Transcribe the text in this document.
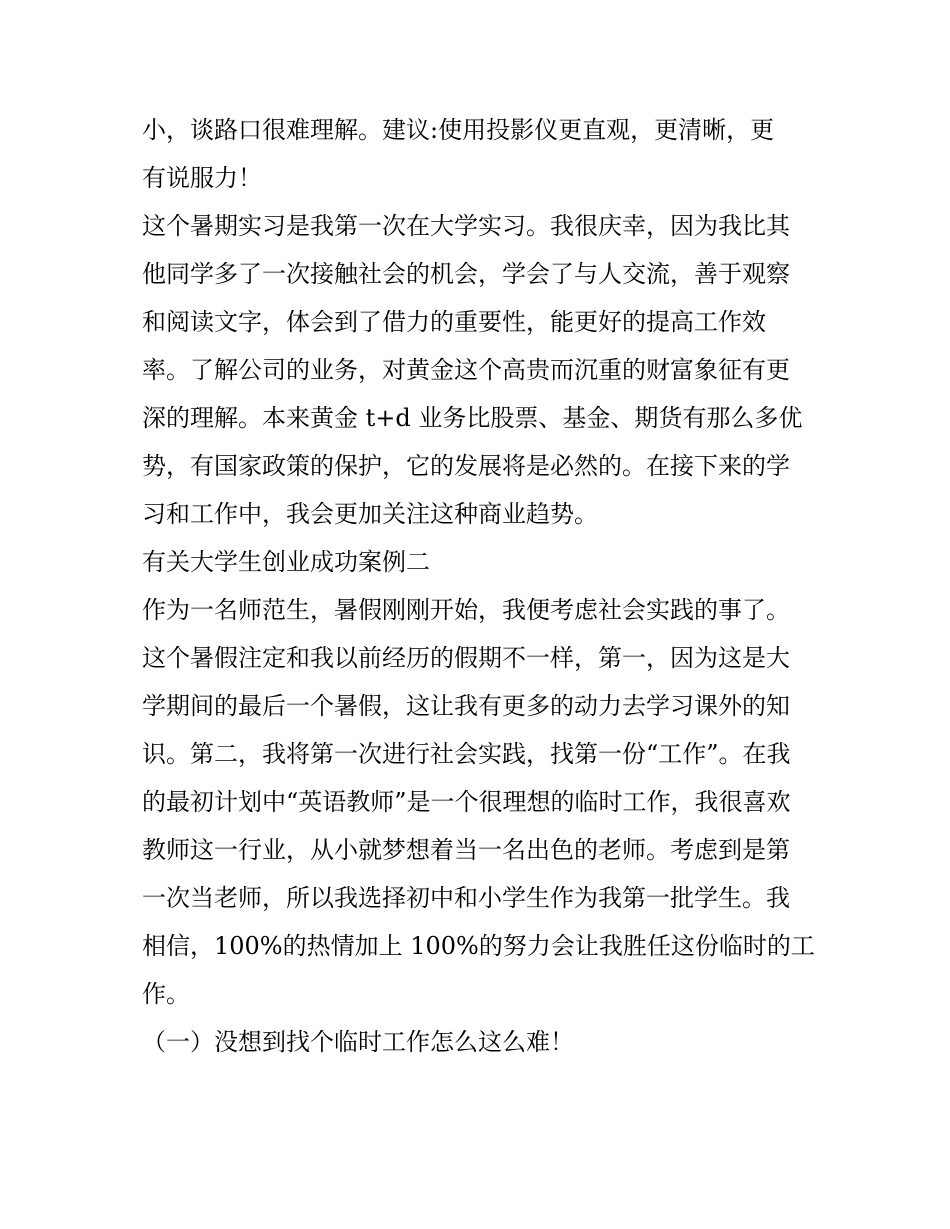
小，谈路口很难理解。建议:使用投影仪更直观，更清晰，更
有说服力！
这个暑期实习是我第一次在大学实习。我很庆幸，因为我比其
他同学多了一次接触社会的机会，学会了与人交流，善于观察
和阅读文字，体会到了借力的重要性，能更好的提高工作效
率。了解公司的业务，对黄金这个高贵而沉重的财富象征有更
深的理解。本来黄金 t+d 业务比股票、基金、期货有那么多优
势，有国家政策的保护，它的发展将是必然的。在接下来的学
习和工作中，我会更加关注这种商业趋势。
有关大学生创业成功案例二
作为一名师范生，暑假刚刚开始，我便考虑社会实践的事了。
这个暑假注定和我以前经历的假期不一样，第一，因为这是大
学期间的最后一个暑假，这让我有更多的动力去学习课外的知
识。第二，我将第一次进行社会实践，找第一份“工作”。在我
的最初计划中“英语教师”是一个很理想的临时工作，我很喜欢
教师这一行业，从小就梦想着当一名出色的老师。考虑到是第
一次当老师，所以我选择初中和小学生作为我第一批学生。我
相信，100%的热情加上 100%的努力会让我胜任这份临时的工
作。
（一）没想到找个临时工作怎么这么难！
